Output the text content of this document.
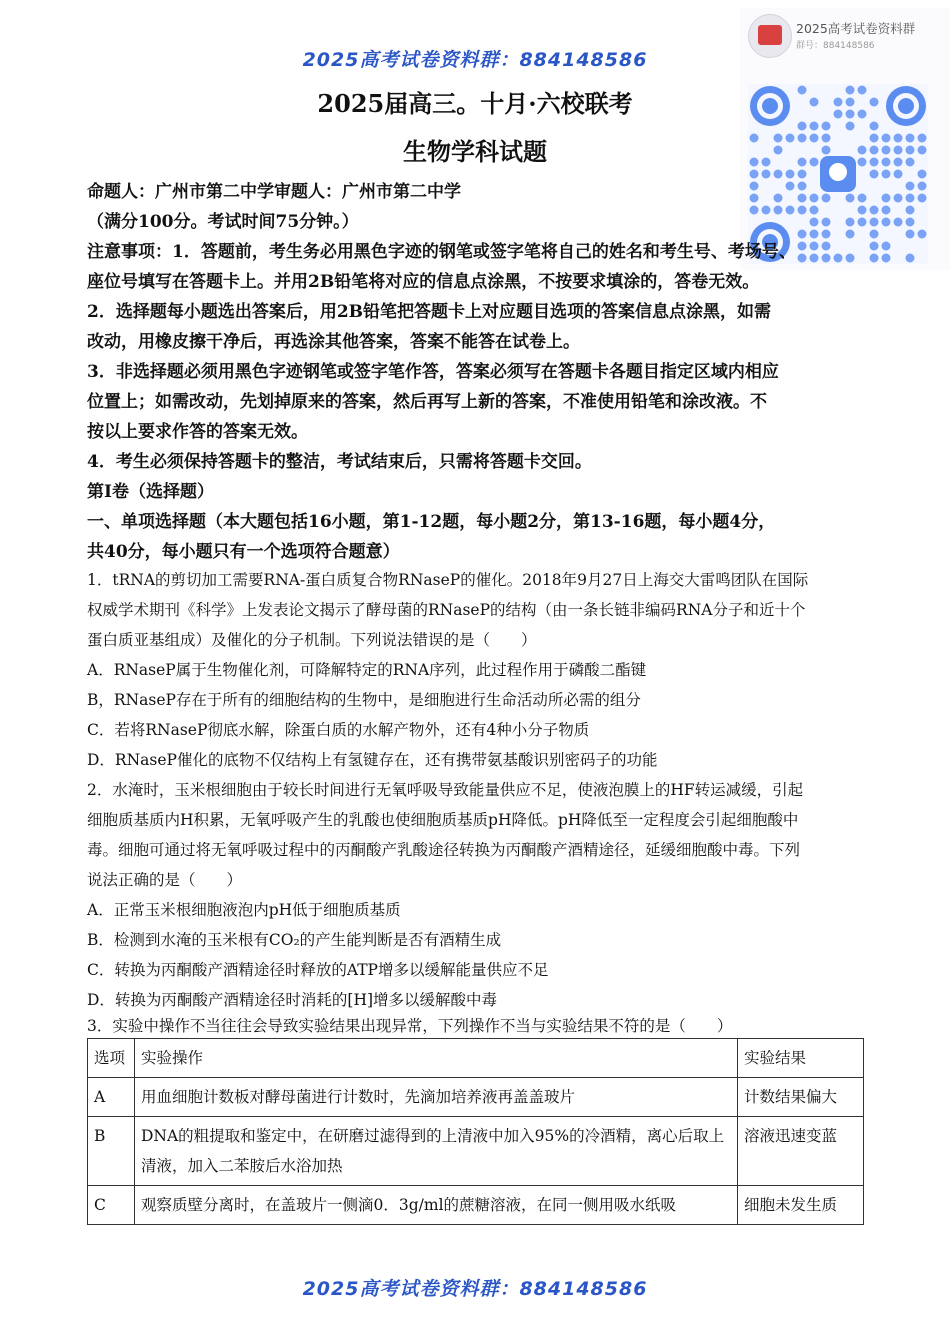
​
2025高考试卷资料群：884148586
2025高考试卷资料群
群号：884148586
2025届高三。十月·六校联考
生物学科试题
命题人：广州市第二中学审题人：广州市第二中学
（满分100分。考试时间75分钟。）
注意事项：1．答题前，考生务必用黑色字迹的钢笔或签字笔将自己的姓名和考生号、考场号、
座位号填写在答题卡上。并用2B铅笔将对应的信息点涂黑，不按要求填涂的，答卷无效。
2．选择题每小题选出答案后，用2B铅笔把答题卡上对应题目选项的答案信息点涂黑，如需
改动，用橡皮擦干净后，再选涂其他答案，答案不能答在试卷上。
3．非选择题必须用黑色字迹钢笔或签字笔作答，答案必须写在答题卡各题目指定区域内相应
位置上；如需改动，先划掉原来的答案，然后再写上新的答案，不准使用铅笔和涂改液。不
按以上要求作答的答案无效。
4．考生必须保持答题卡的整洁，考试结束后，只需将答题卡交回。
第I卷（选择题）
一、单项选择题（本大题包括16小题，第1-12题，每小题2分，第13-16题，每小题4分，
共40分，每小题只有一个选项符合题意）
1．tRNA的剪切加工需要RNA-蛋白质复合物RNaseP的催化。2018年9月27日上海交大雷鸣团队在国际
权威学术期刊《科学》上发表论文揭示了酵母菌的RNaseP的结构（由一条长链非编码RNA分子和近十个
蛋白质亚基组成）及催化的分子机制。下列说法错误的是（　　）
A．RNaseP属于生物催化剂，可降解特定的RNA序列，此过程作用于磷酸二酯键
B，RNaseP存在于所有的细胞结构的生物中，是细胞进行生命活动所必需的组分
C．若将RNaseP彻底水解，除蛋白质的水解产物外，还有4种小分子物质
D．RNaseP催化的底物不仅结构上有氢键存在，还有携带氨基酸识别密码子的功能
2．水淹时，玉米根细胞由于较长时间进行无氧呼吸导致能量供应不足，使液泡膜上的HF转运减缓，引起
细胞质基质内H积累，无氧呼吸产生的乳酸也使细胞质基质pH降低。pH降低至一定程度会引起细胞酸中
毒。细胞可通过将无氧呼吸过程中的丙酮酸产乳酸途径转换为丙酮酸产酒精途径，延缓细胞酸中毒。下列
说法正确的是（　　）
A．正常玉米根细胞液泡内pH低于细胞质基质
B．检测到水淹的玉米根有CO₂的产生能判断是否有酒精生成
C．转换为丙酮酸产酒精途径时释放的ATP增多以缓解能量供应不足
D．转换为丙酮酸产酒精途径时消耗的[H]增多以缓解酸中毒
3．实验中操作不当往往会导致实验结果出现异常，下列操作不当与实验结果不符的是（　　）
选项	实验操作	实验结果
A	用血细胞计数板对酵母菌进行计数时，先滴加培养液再盖盖玻片	计数结果偏大
B	DNA的粗提取和鉴定中，在研磨过滤得到的上清液中加入95%的冷酒精，离心后取上清液，加入二苯胺后水浴加热	溶液迅速变蓝
C	观察质壁分离时，在盖玻片一侧滴0．3g/ml的蔗糖溶液，在同一侧用吸水纸吸	细胞未发生质
2025高考试卷资料群：884148586
